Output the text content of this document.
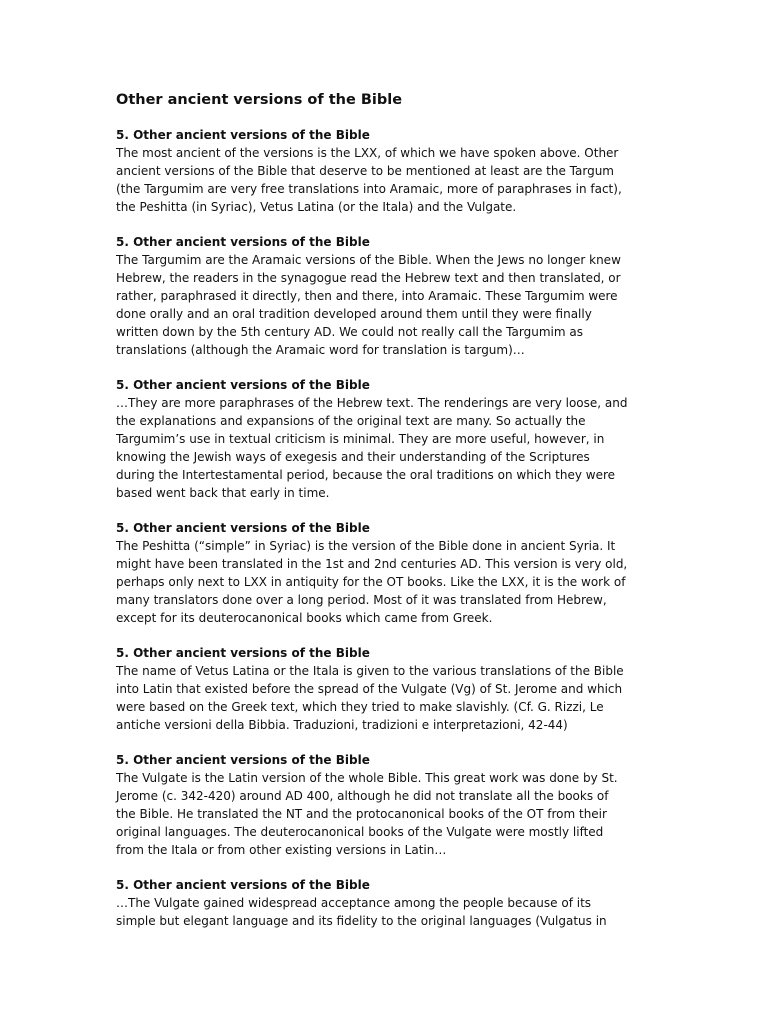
Other ancient versions of the Bible
5. Other ancient versions of the Bible
The most ancient of the versions is the LXX, of which we have spoken above. Other
ancient versions of the Bible that deserve to be mentioned at least are the Targum
(the Targumim are very free translations into Aramaic, more of paraphrases in fact),
the Peshitta (in Syriac), Vetus Latina (or the Itala) and the Vulgate.
5. Other ancient versions of the Bible
The Targumim are the Aramaic versions of the Bible. When the Jews no longer knew
Hebrew, the readers in the synagogue read the Hebrew text and then translated, or
rather, paraphrased it directly, then and there, into Aramaic. These Targumim were
done orally and an oral tradition developed around them until they were finally
written down by the 5th century AD. We could not really call the Targumim as
translations (although the Aramaic word for translation is targum)…
5. Other ancient versions of the Bible
…They are more paraphrases of the Hebrew text. The renderings are very loose, and
the explanations and expansions of the original text are many. So actually the
Targumim’s use in textual criticism is minimal. They are more useful, however, in
knowing the Jewish ways of exegesis and their understanding of the Scriptures
during the Intertestamental period, because the oral traditions on which they were
based went back that early in time.
5. Other ancient versions of the Bible
The Peshitta (“simple” in Syriac) is the version of the Bible done in ancient Syria. It
might have been translated in the 1st and 2nd centuries AD. This version is very old,
perhaps only next to LXX in antiquity for the OT books. Like the LXX, it is the work of
many translators done over a long period. Most of it was translated from Hebrew,
except for its deuterocanonical books which came from Greek.
5. Other ancient versions of the Bible
The name of Vetus Latina or the Itala is given to the various translations of the Bible
into Latin that existed before the spread of the Vulgate (Vg) of St. Jerome and which
were based on the Greek text, which they tried to make slavishly. (Cf. G. Rizzi, Le
antiche versioni della Bibbia. Traduzioni, tradizioni e interpretazioni, 42-44)
5. Other ancient versions of the Bible
The Vulgate is the Latin version of the whole Bible. This great work was done by St.
Jerome (c. 342-420) around AD 400, although he did not translate all the books of
the Bible. He translated the NT and the protocanonical books of the OT from their
original languages. The deuterocanonical books of the Vulgate were mostly lifted
from the Itala or from other existing versions in Latin…
5. Other ancient versions of the Bible
…The Vulgate gained widespread acceptance among the people because of its
simple but elegant language and its fidelity to the original languages (Vulgatus in
